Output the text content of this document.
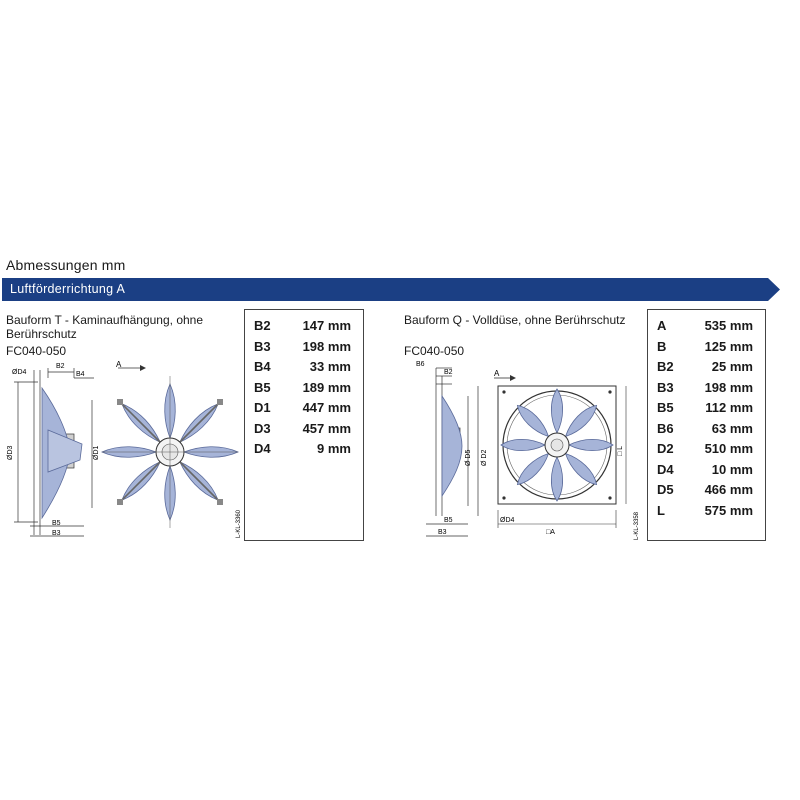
Abmessungen mm
Luftförderrichtung A
Bauform T - Kaminaufhängung, ohne
Berührschutz
FC040-050
ØD4
B2
B4
ØD3	ØD1
B5
B3
A
L-KL-3360
B2 147 mm
B3 198 mm
B4	33 mm
B5 189 mm
D1 447 mm
D3 457 mm
D4	9 mm
Bauform Q - Volldüse, ohne Berührschutz
FC040-050
B6
B2
Ø D5 Ø D2
B5
B3
A
ØD4
□A
□ L
L-KL-3358
A	535 mm
B	125 mm
B2	25 mm
B3 198 mm
B5 112 mm
B6	63 mm
D2 510 mm
D4	10 mm
D5 466 mm
L	575 mm
